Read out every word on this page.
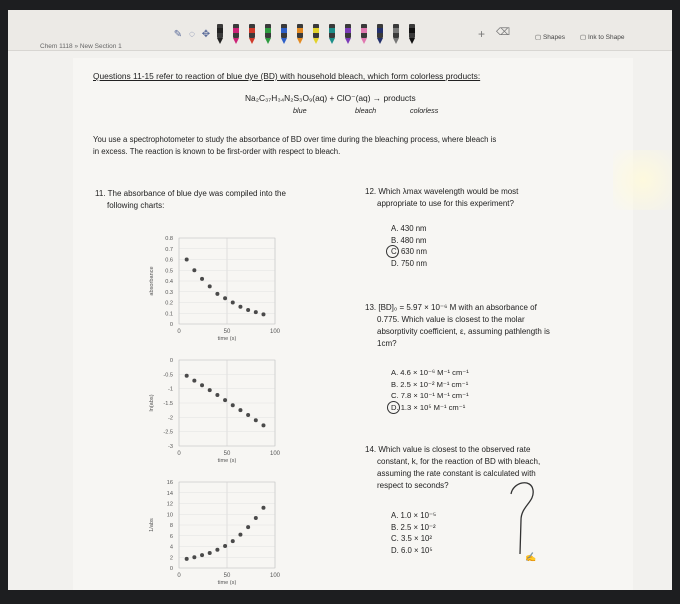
Chem 1118 » New Section 1
✎ ◌ ✥	+ ⌫	▢ Shapes ▢ Ink to Shape
Questions 11-15 refer to reaction of blue dye (BD) with household bleach, which form colorless products:
Na₂C₃₇H₃₄N₂S₃O₉(aq) + ClO⁻(aq) → products
blue	bleach	colorless
You use a spectrophotometer to study the absorbance of BD over time during the bleaching process, where bleach is
in excess. The reaction is known to be first-order with respect to bleach.
11. The absorbance of blue dye was compiled into the
following charts:
0	50	100
0
0.1
0.2
0.3
0.4
0.5
0.6
0.7
0.8
time (s)
absorbance
0	50	100
0
-0.5
-1
-1.5
-2
-2.5
-3
time (s)
ln(abs)
0	50	100
0
2
4
6
8
10
12
14
16
time (s)
1/abs
12. Which λmax wavelength would be most
appropriate to use for this experiment?
A. 430 nm
B. 480 nm
C. 630 nm
D. 750 nm
13. [BD]₀ = 5.97 × 10⁻⁶ M with an absorbance of
0.775. Which value is closest to the molar
absorptivity coefficient, ε, assuming pathlength is
1cm?
A. 4.6 × 10⁻⁶ M⁻¹ cm⁻¹
B. 2.5 × 10⁻² M⁻¹ cm⁻¹
C. 7.8 × 10⁻¹ M⁻¹ cm⁻¹
D. 1.3 × 10⁵ M⁻¹ cm⁻¹
14. Which value is closest to the observed rate
constant, k, for the reaction of BD with bleach,
assuming the rate constant is calculated with
respect to seconds?
A. 1.0 × 10⁻⁵
B. 2.5 × 10⁻²
C. 3.5 × 10²
D. 6.0 × 10⁵
✍
